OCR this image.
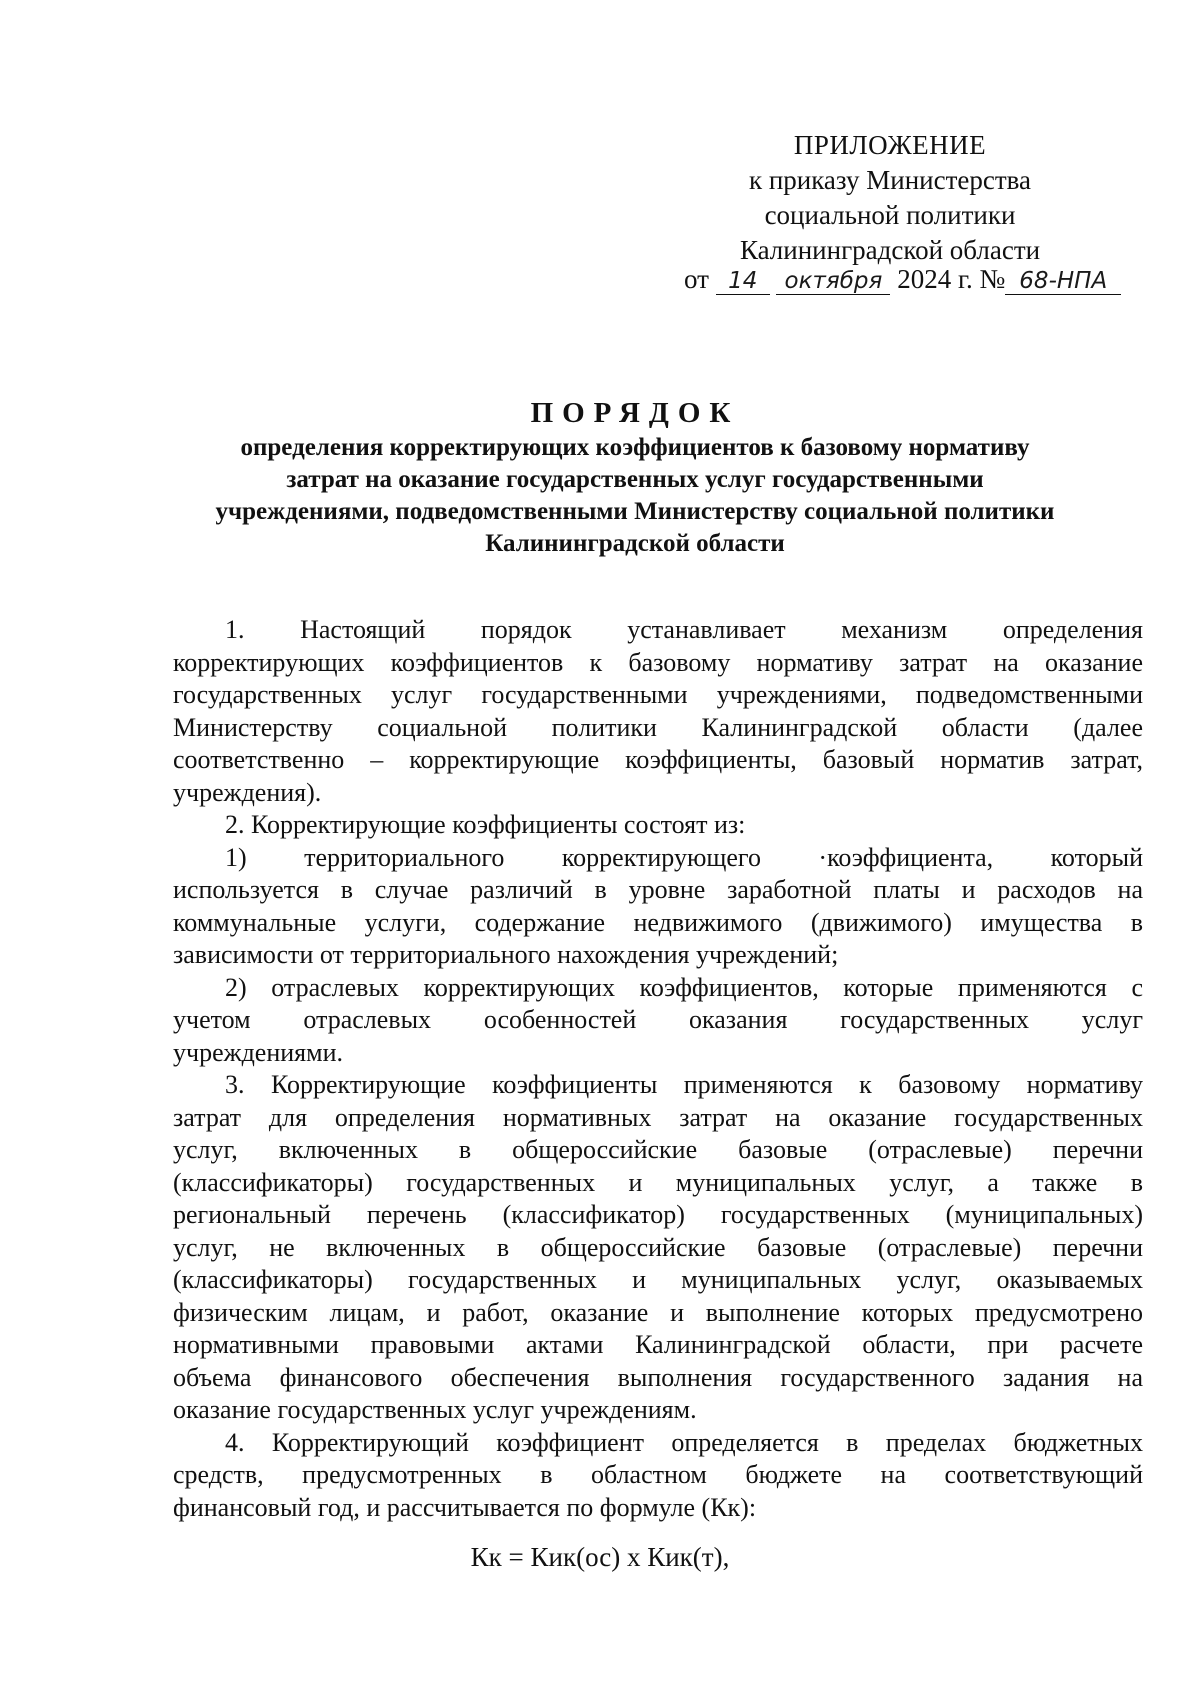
ПРИЛОЖЕНИЕ
к приказу Министерства
социальной политики
Калининградской области
от 14 октября 2024 г. № 68-НПА
ПОРЯДОК
определения корректирующих коэффициентов к базовому нормативу
затрат на оказание государственных услуг государственными
учреждениями, подведомственными Министерству социальной политики
Калининградской области
1. Настоящий порядок устанавливает механизм определения
корректирующих коэффициентов к базовому нормативу затрат на оказание
государственных услуг государственными учреждениями, подведомственными
Министерству социальной политики Калининградской области (далее
соответственно – корректирующие коэффициенты, базовый норматив затрат,
учреждения).
2. Корректирующие коэффициенты состоят из:
1) территориального корректирующего ·коэффициента, который
используется в случае различий в уровне заработной платы и расходов на
коммунальные услуги, содержание недвижимого (движимого) имущества в
зависимости от территориального нахождения учреждений;
2) отраслевых корректирующих коэффициентов, которые применяются с
учетом отраслевых особенностей оказания государственных услуг
учреждениями.
3. Корректирующие коэффициенты применяются к базовому нормативу
затрат для определения нормативных затрат на оказание государственных
услуг, включенных в общероссийские базовые (отраслевые) перечни
(классификаторы) государственных и муниципальных услуг, а также в
региональный перечень (классификатор) государственных (муниципальных)
услуг, не включенных в общероссийские базовые (отраслевые) перечни
(классификаторы) государственных и муниципальных услуг, оказываемых
физическим лицам, и работ, оказание и выполнение которых предусмотрено
нормативными правовыми актами Калининградской области, при расчете
объема финансового обеспечения выполнения государственного задания на
оказание государственных услуг учреждениям.
4. Корректирующий коэффициент определяется в пределах бюджетных
средств, предусмотренных в областном бюджете на соответствующий
финансовый год, и рассчитывается по формуле (Кк):
Кк = Кик(ос) x Кик(т),
